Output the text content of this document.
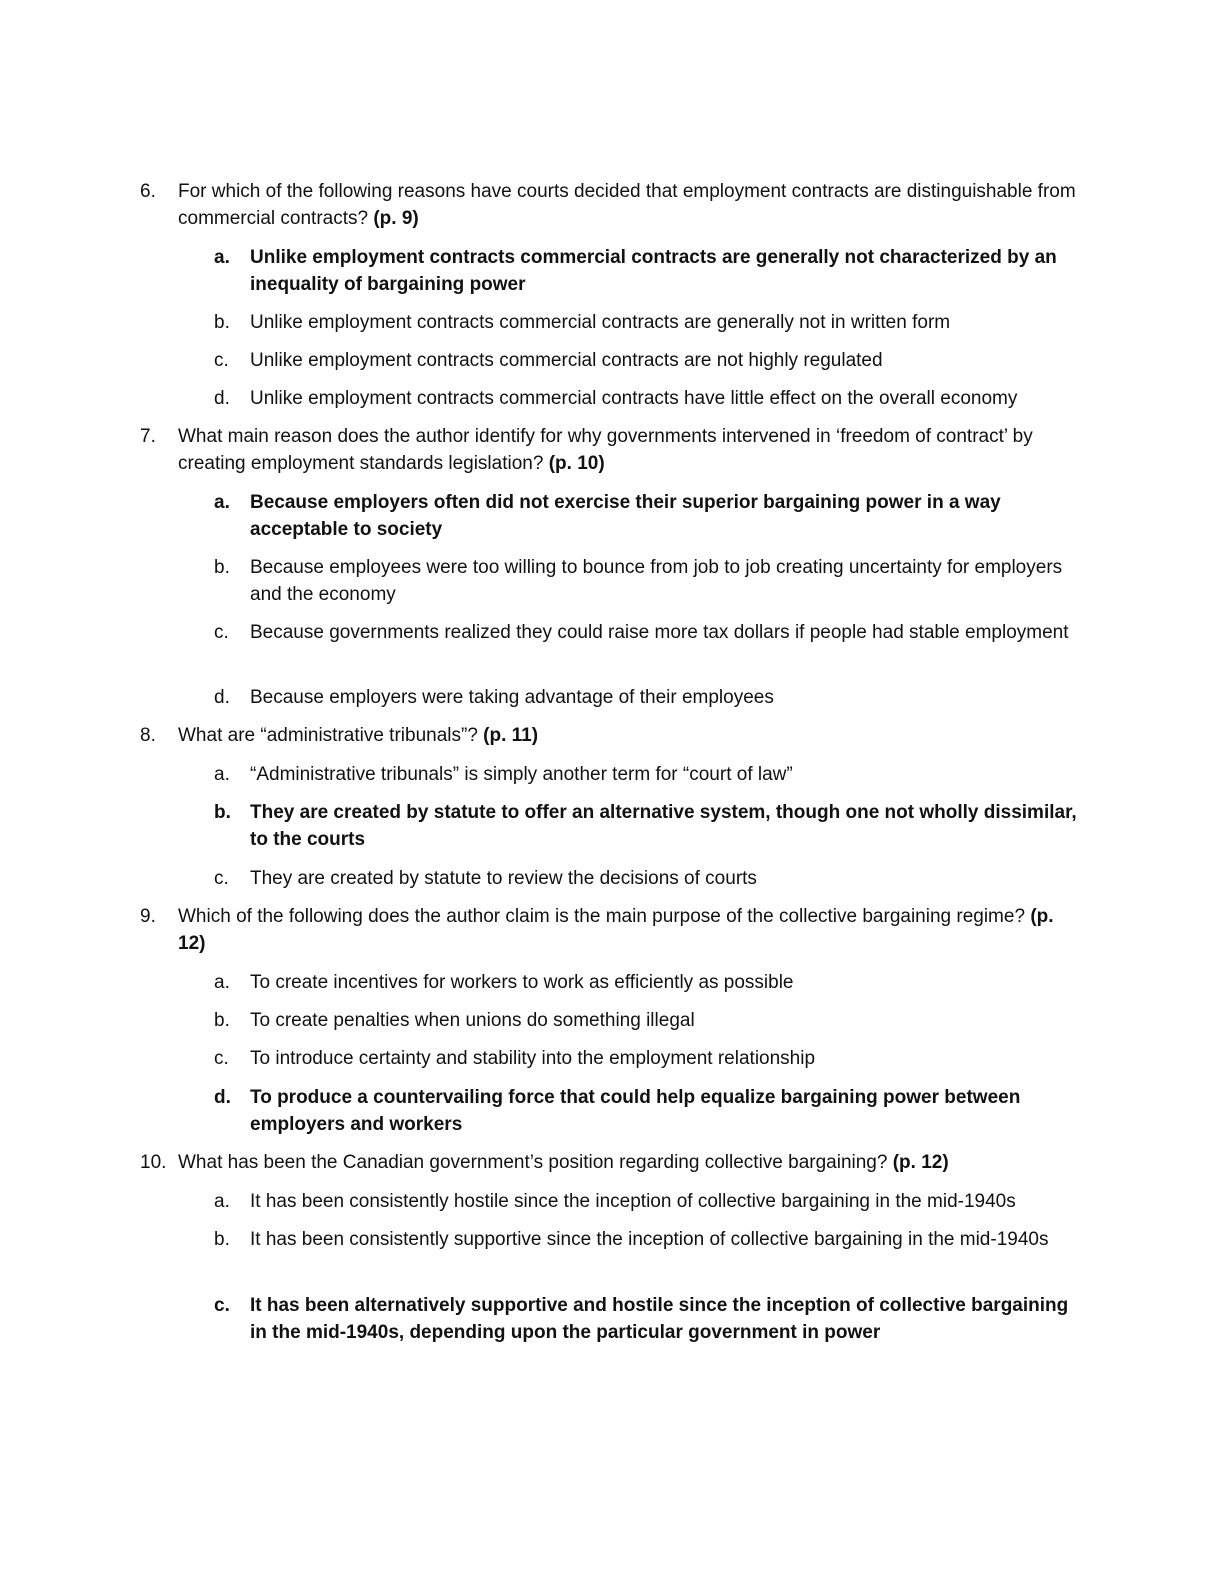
6. For which of the following reasons have courts decided that employment contracts are distinguishable from commercial contracts? (p. 9)
a. Unlike employment contracts commercial contracts are generally not characterized by an inequality of bargaining power
b. Unlike employment contracts commercial contracts are generally not in written form
c. Unlike employment contracts commercial contracts are not highly regulated
d. Unlike employment contracts commercial contracts have little effect on the overall economy
7. What main reason does the author identify for why governments intervened in ‘freedom of contract’ by creating employment standards legislation? (p. 10)
a. Because employers often did not exercise their superior bargaining power in a way acceptable to society
b. Because employees were too willing to bounce from job to job creating uncertainty for employers and the economy
c. Because governments realized they could raise more tax dollars if people had stable employment
d. Because employers were taking advantage of their employees
8. What are “administrative tribunals”? (p. 11)
a. “Administrative tribunals” is simply another term for “court of law”
b. They are created by statute to offer an alternative system, though one not wholly dissimilar, to the courts
c. They are created by statute to review the decisions of courts
9. Which of the following does the author claim is the main purpose of the collective bargaining regime? (p. 12)
a. To create incentives for workers to work as efficiently as possible
b. To create penalties when unions do something illegal
c. To introduce certainty and stability into the employment relationship
d. To produce a countervailing force that could help equalize bargaining power between employers and workers
10. What has been the Canadian government’s position regarding collective bargaining? (p. 12)
a. It has been consistently hostile since the inception of collective bargaining in the mid-1940s
b. It has been consistently supportive since the inception of collective bargaining in the mid-1940s
c. It has been alternatively supportive and hostile since the inception of collective bargaining in the mid-1940s, depending upon the particular government in power
